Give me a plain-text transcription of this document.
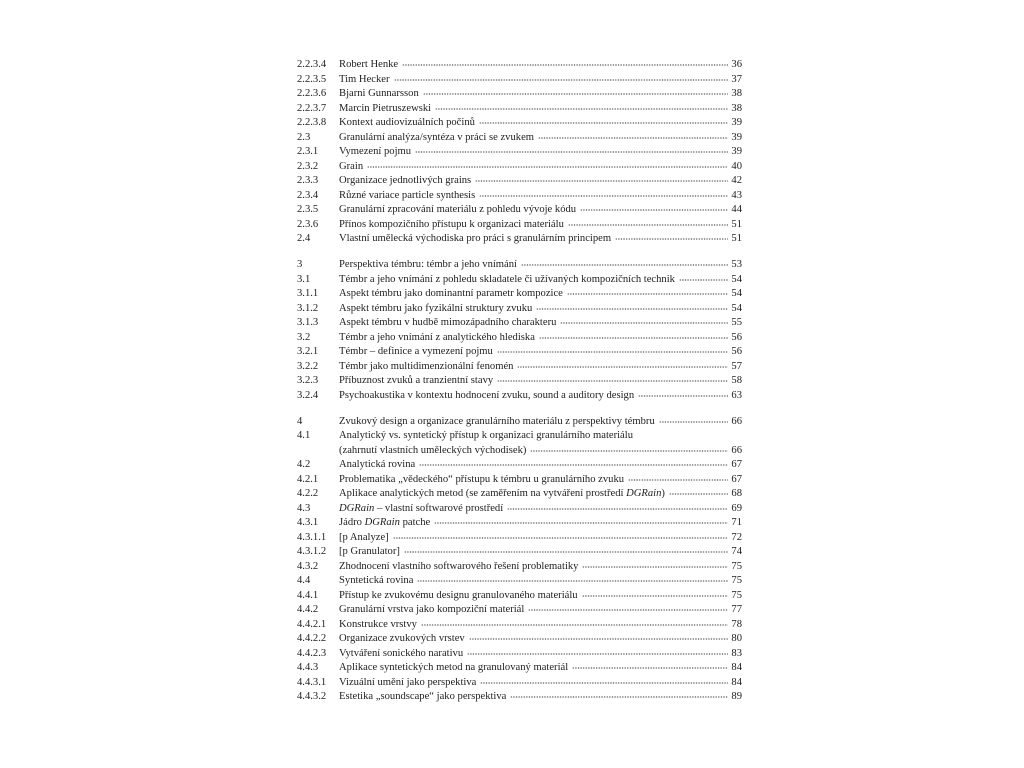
2.2.3.4	Robert Henke	36
2.2.3.5	Tim Hecker	37
2.2.3.6	Bjarni Gunnarsson	38
2.2.3.7	Marcin Pietruszewski	38
2.2.3.8	Kontext audiovizuálních počinů	39
2.3	Granulární analýza/syntéza v práci se zvukem	39
2.3.1	Vymezení pojmu	39
2.3.2	Grain	40
2.3.3	Organizace jednotlivých grains	42
2.3.4	Různé variace particle synthesis	43
2.3.5	Granulární zpracování materiálu z pohledu vývoje kódu	44
2.3.6	Přínos kompozičního přístupu k organizaci materiálu	51
2.4	Vlastní umělecká východiska pro práci s granulárním principem	51
3	Perspektiva témbru: témbr a jeho vnímání	53
3.1	Témbr a jeho vnímání z pohledu skladatele či užívaných kompozičních technik	54
3.1.1	Aspekt témbru jako dominantní parametr kompozice	54
3.1.2	Aspekt témbru jako fyzikální struktury zvuku	54
3.1.3	Aspekt témbru v hudbě mimozápadního charakteru	55
3.2	Témbr a jeho vnímání z analytického hlediska	56
3.2.1	Témbr – definice a vymezení pojmu	56
3.2.2	Témbr jako multidimenzionální fenomén	57
3.2.3	Příbuznost zvuků a tranzientní stavy	58
3.2.4	Psychoakustika v kontextu hodnocení zvuku, sound a auditory design	63
4	Zvukový design a organizace granulárního materiálu z perspektivy témbru	66
4.1	Analytický vs. syntetický přístup k organizaci granulárního materiálu
(zahrnutí vlastních uměleckých východisek)	66
4.2	Analytická rovina	67
4.2.1	Problematika „vědeckého“ přístupu k témbru u granulárního zvuku	67
4.2.2	Aplikace analytických metod (se zaměřením na vytváření prostředí DGRain)	68
4.3	DGRain – vlastní softwarové prostředí	69
4.3.1	Jádro DGRain patche	71
4.3.1.1	[p Analyze]	72
4.3.1.2	[p Granulator]	74
4.3.2	Zhodnocení vlastního softwarového řešení problematiky	75
4.4	Syntetická rovina	75
4.4.1	Přístup ke zvukovému designu granulovaného materiálu	75
4.4.2	Granulární vrstva jako kompoziční materiál	77
4.4.2.1	Konstrukce vrstvy	78
4.4.2.2	Organizace zvukových vrstev	80
4.4.2.3	Vytváření sonického narativu	83
4.4.3	Aplikace syntetických metod na granulovaný materiál	84
4.4.3.1	Vizuální umění jako perspektiva	84
4.4.3.2	Estetika „soundscape“ jako perspektiva	89
